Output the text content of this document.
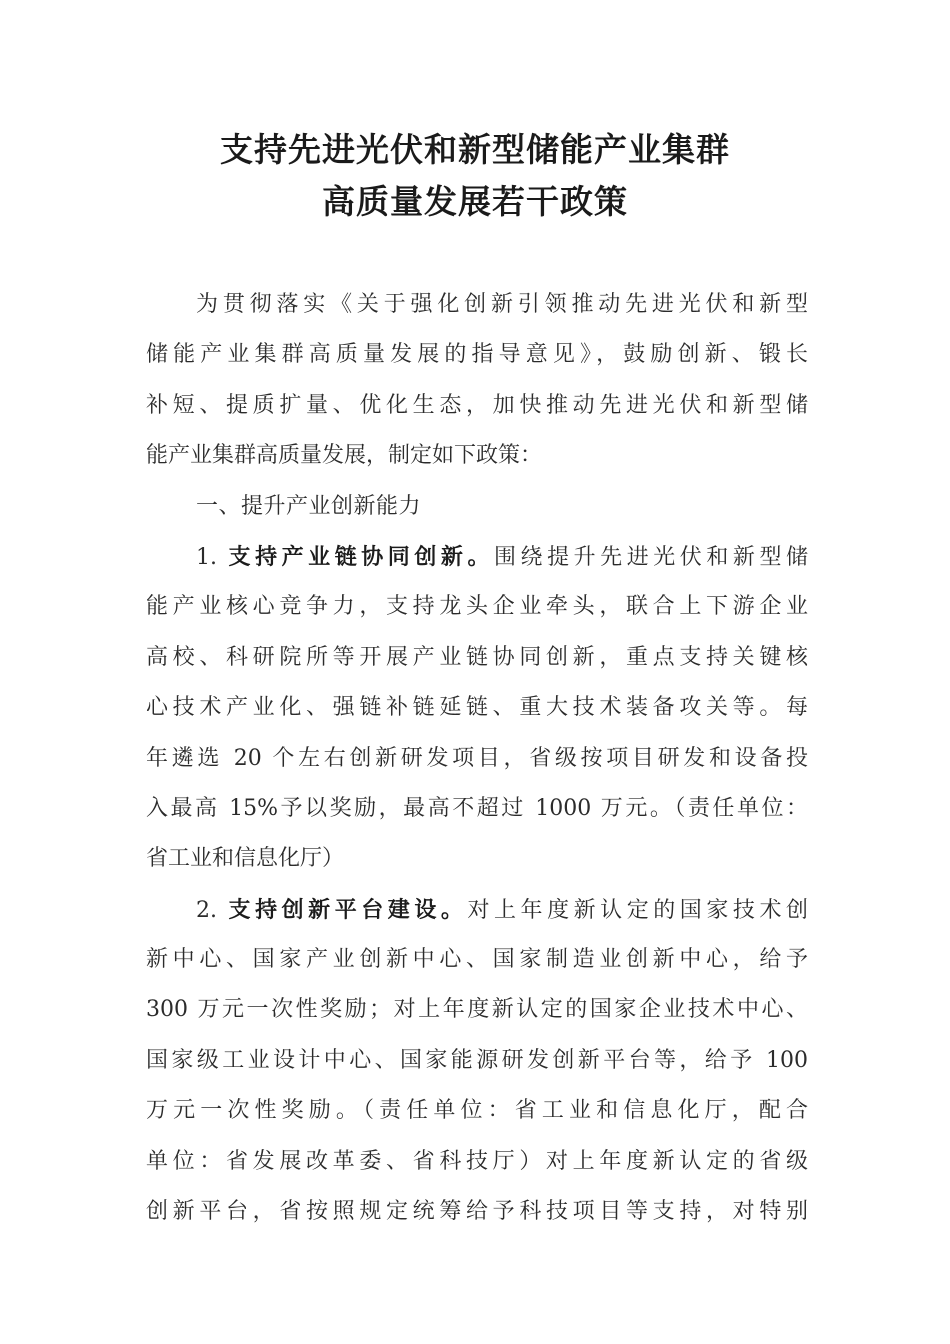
支持先进光伏和新型储能产业集群
高质量发展若干政策
为贯彻落实《关于强化创新引领推动先进光伏和新型
储能产业集群高质量发展的指导意见》，鼓励创新、锻长
补短、提质扩量、优化生态，加快推动先进光伏和新型储
能产业集群高质量发展，制定如下政策：
一、提升产业创新能力
1. 支持产业链协同创新。围绕提升先进光伏和新型储
能产业核心竞争力，支持龙头企业牵头，联合上下游企业
高校、科研院所等开展产业链协同创新，重点支持关键核
心技术产业化、强链补链延链、重大技术装备攻关等。每
年遴选 20 个左右创新研发项目，省级按项目研发和设备投
入最高 15%予以奖励，最高不超过 1000 万元。（责任单位：
省工业和信息化厅）
2. 支持创新平台建设。对上年度新认定的国家技术创
新中心、国家产业创新中心、国家制造业创新中心，给予
300 万元一次性奖励；对上年度新认定的国家企业技术中心、
国家级工业设计中心、国家能源研发创新平台等，给予 100
万元一次性奖励。（责任单位：省工业和信息化厅，配合
单位：省发展改革委、省科技厅）对上年度新认定的省级
创新平台，省按照规定统筹给予科技项目等支持，对特别
